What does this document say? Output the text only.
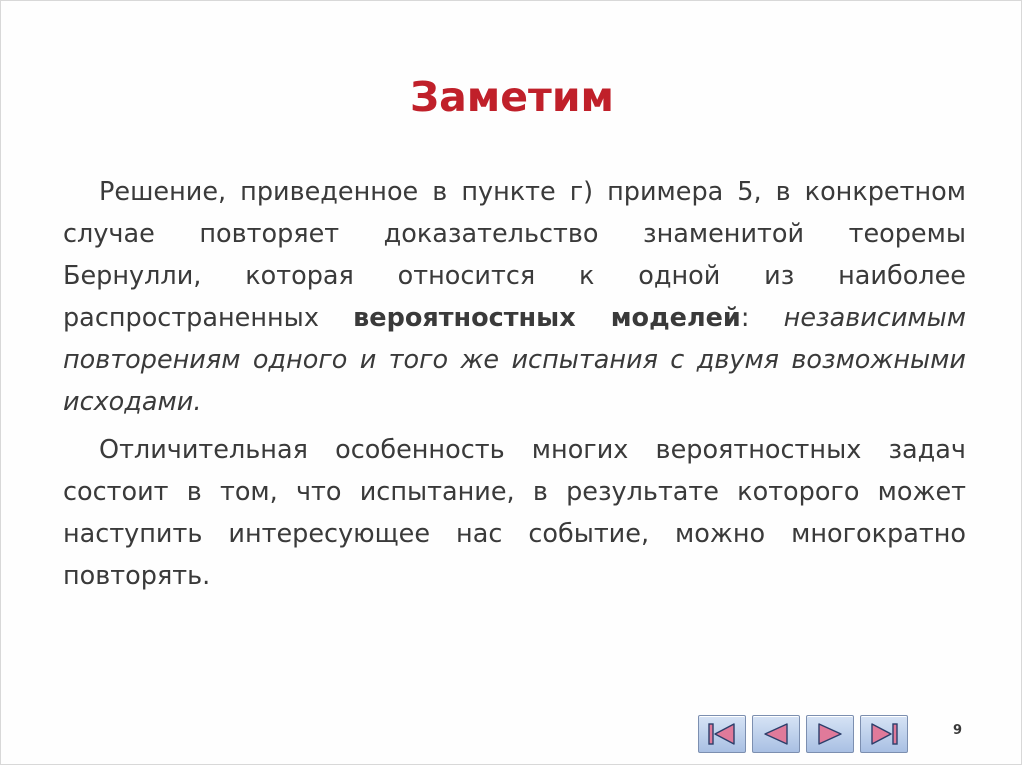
Заметим

Решение, приведенное в пункте г) примера 5, в конкретном случае повторяет доказательство знаменитой теоремы Бернулли, которая относится к одной из наиболее распространенных вероятностных моделей: независимым повторениям одного и того же испытания с двумя возможными исходами.

Отличительная особенность многих вероятностных задач состоит в том, что испытание, в результате которого может наступить интересующее нас событие, можно многократно повторять.

9
